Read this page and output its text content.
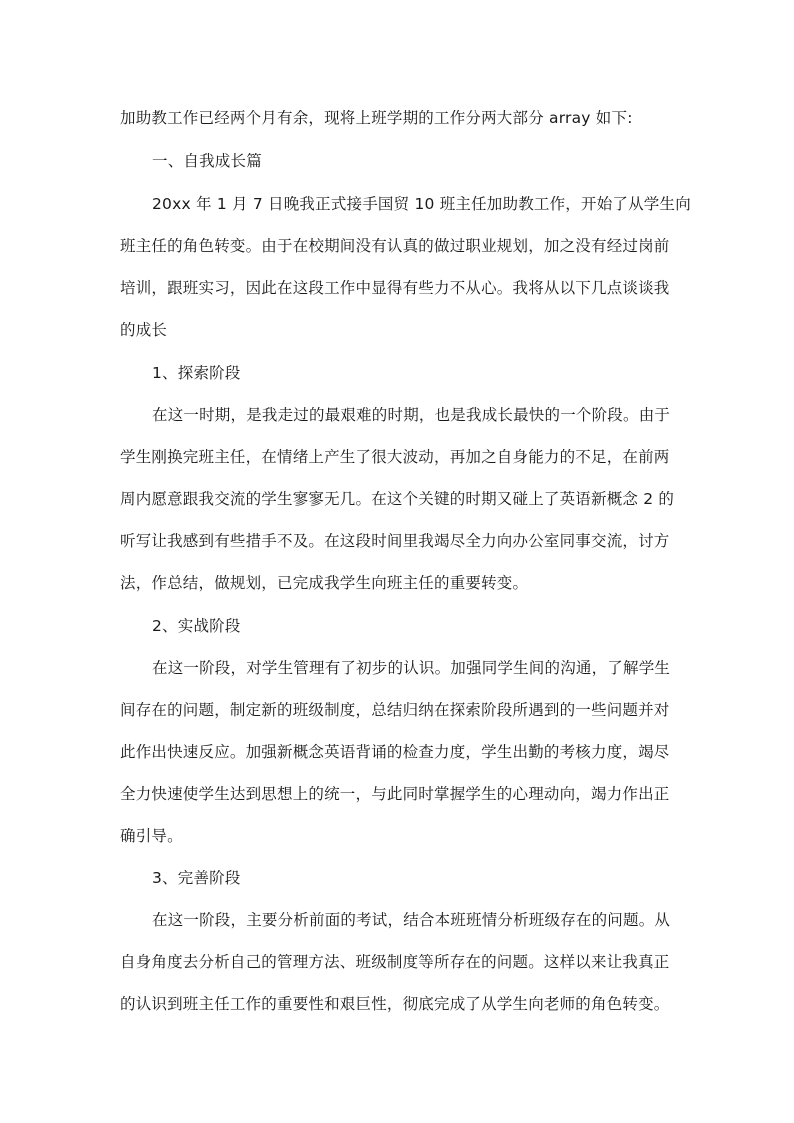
加助教工作已经两个月有余，现将上班学期的工作分两大部分 array 如下:
一、自我成长篇
20xx 年 1 月 7 日晚我正式接手国贸 10 班主任加助教工作，开始了从学生向
班主任的角色转变。由于在校期间没有认真的做过职业规划，加之没有经过岗前
培训，跟班实习，因此在这段工作中显得有些力不从心。我将从以下几点谈谈我
的成长
1、探索阶段
在这一时期，是我走过的最艰难的时期，也是我成长最快的一个阶段。由于
学生刚换完班主任，在情绪上产生了很大波动，再加之自身能力的不足，在前两
周内愿意跟我交流的学生寥寥无几。在这个关键的时期又碰上了英语新概念 2 的
听写让我感到有些措手不及。在这段时间里我竭尽全力向办公室同事交流，讨方
法，作总结，做规划，已完成我学生向班主任的重要转变。
2、实战阶段
在这一阶段，对学生管理有了初步的认识。加强同学生间的沟通，了解学生
间存在的问题，制定新的班级制度，总结归纳在探索阶段所遇到的一些问题并对
此作出快速反应。加强新概念英语背诵的检查力度，学生出勤的考核力度，竭尽
全力快速使学生达到思想上的统一，与此同时掌握学生的心理动向，竭力作出正
确引导。
3、完善阶段
在这一阶段，主要分析前面的考试，结合本班班情分析班级存在的问题。从
自身角度去分析自己的管理方法、班级制度等所存在的问题。这样以来让我真正
的认识到班主任工作的重要性和艰巨性，彻底完成了从学生向老师的角色转变。
